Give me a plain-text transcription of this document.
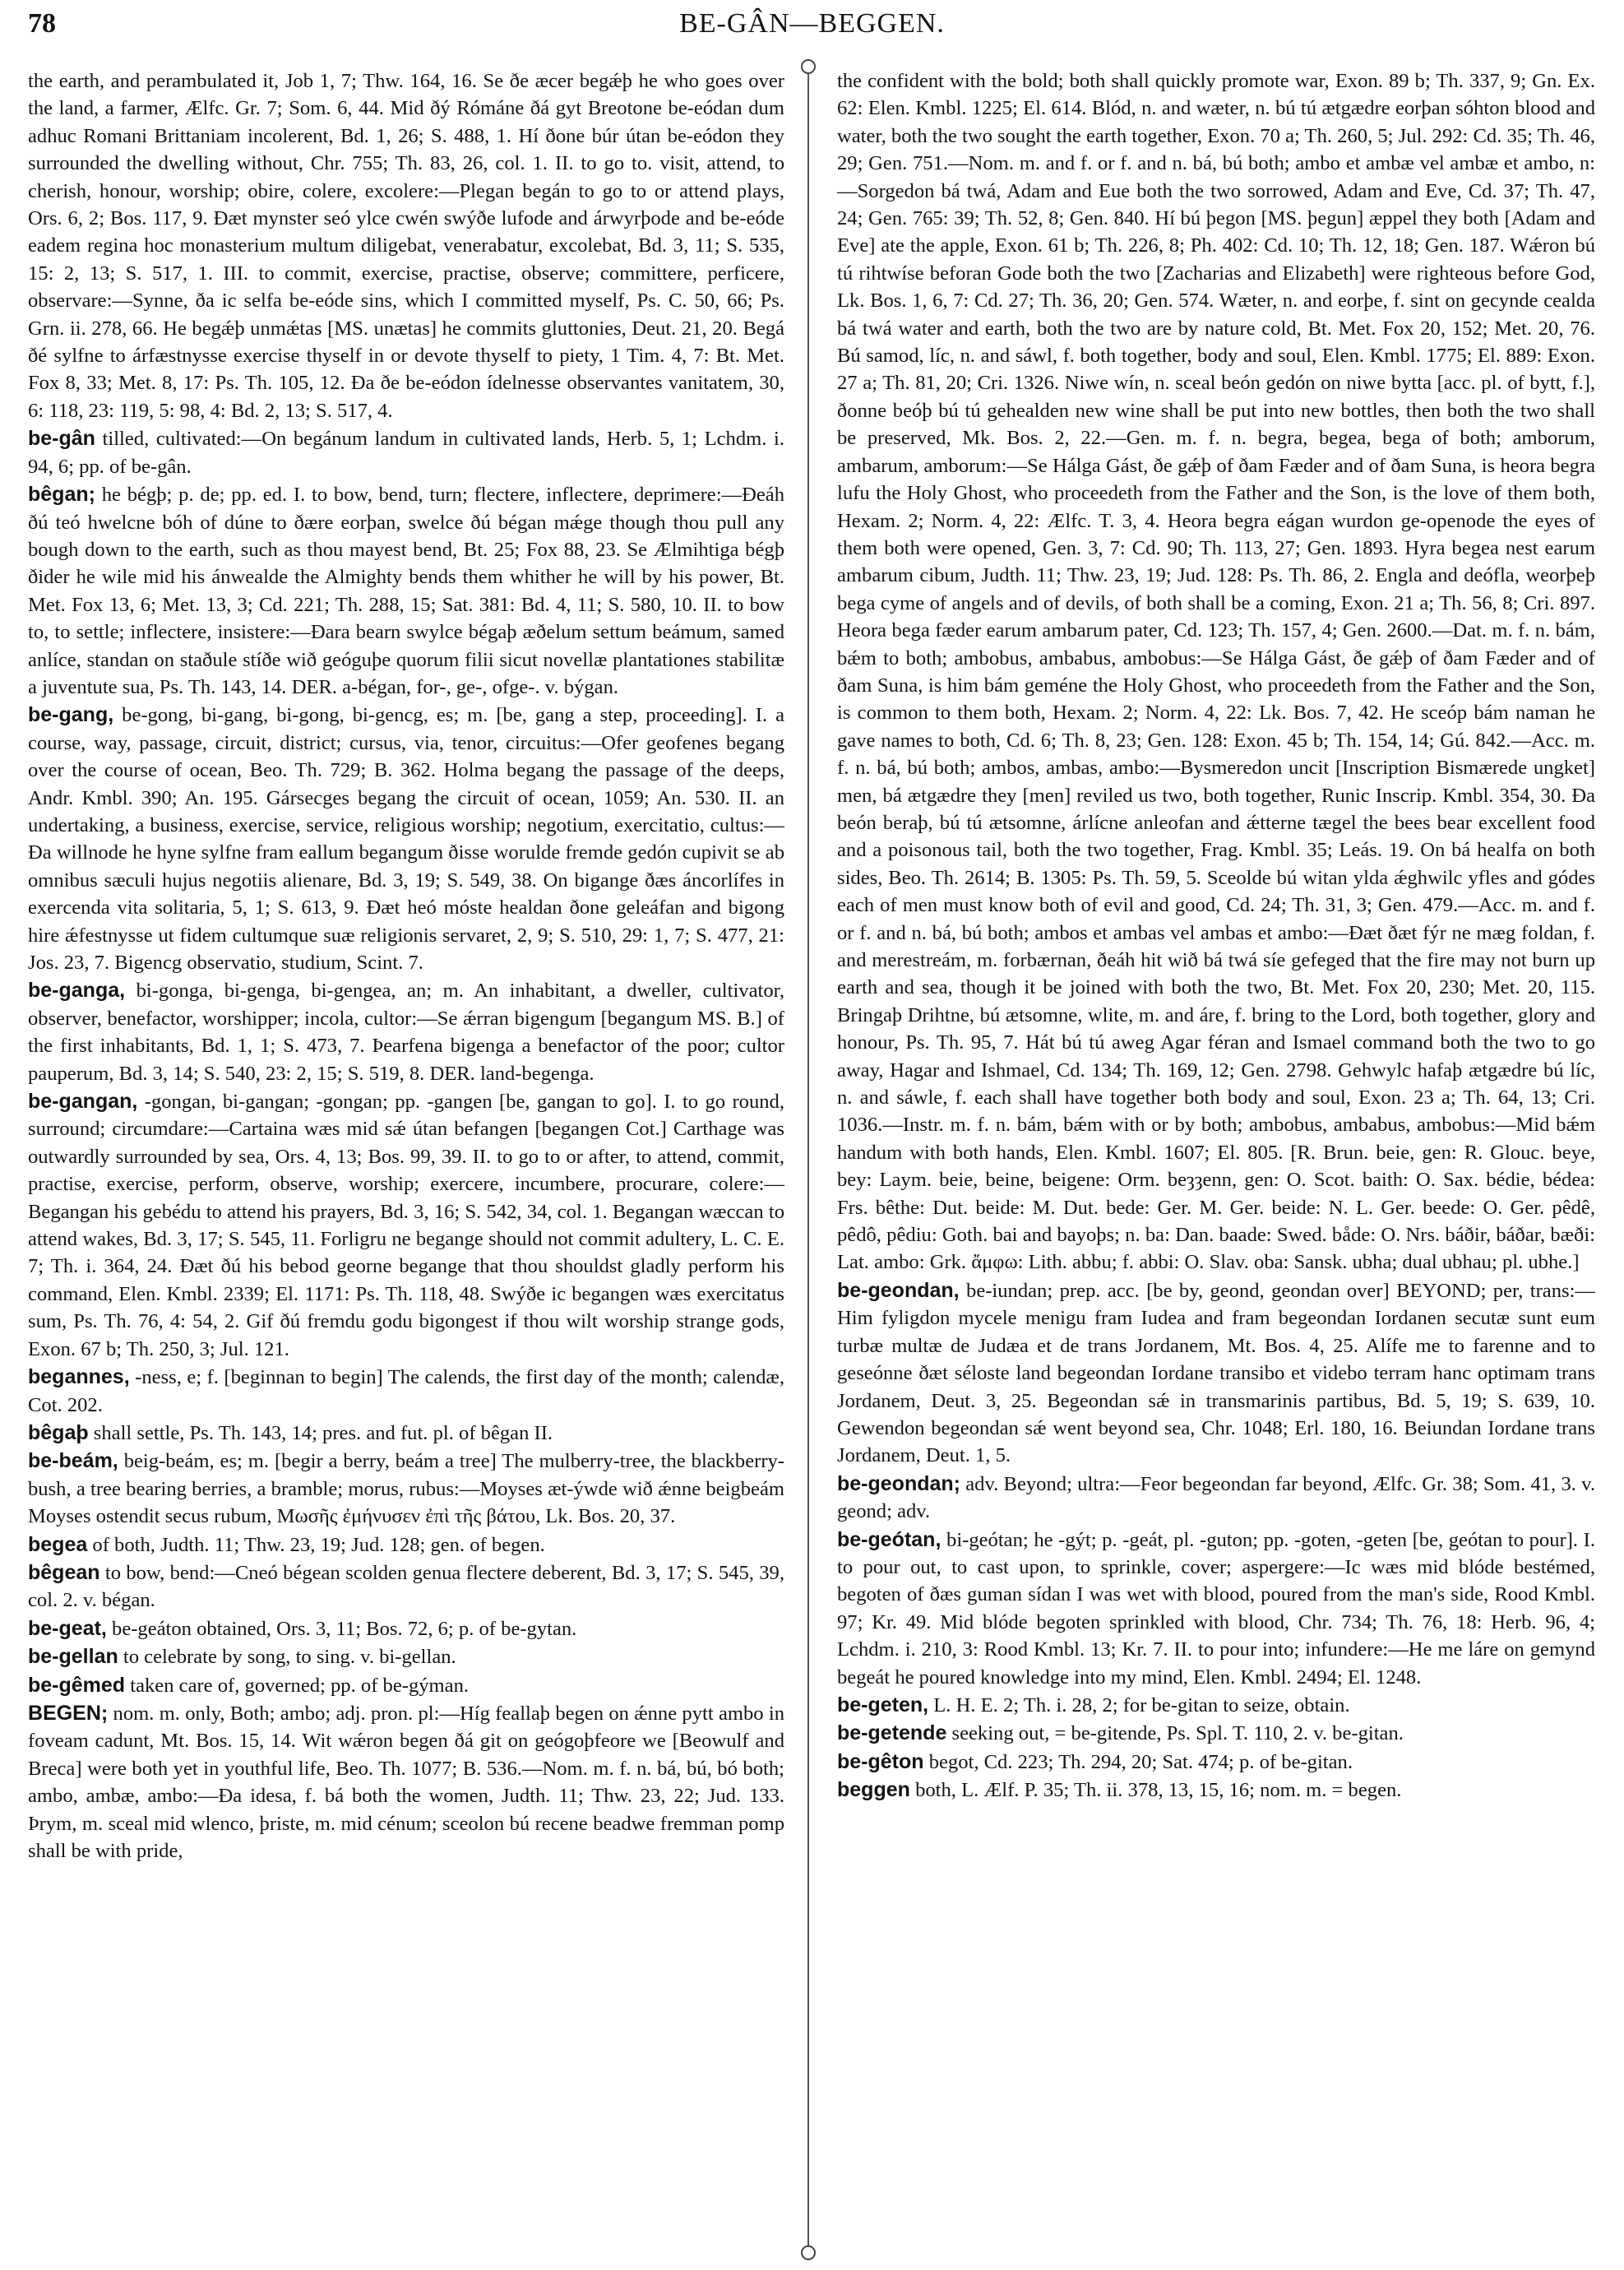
78	BE-GÂN—BEGGEN.

the earth, and perambulated it, Job 1, 7; Thw. 164, 16. Se ðe æcer begǽþ he who goes over the land, a farmer, Ælfc. Gr. 7; Som. 6, 44. Mid ðý Rómáne ðá gyt Breotone be-eódan dum adhuc Romani Brittaniam incolerent, Bd. 1, 26; S. 488, 1. Hí ðone búr útan be-eódon they surrounded the dwelling without, Chr. 755; Th. 83, 26, col. 1. II. to go to. visit, attend, to cherish, honour, worship; obire, colere, excolere:—Plegan begán to go to or attend plays, Ors. 6, 2; Bos. 117, 9. Ðæt mynster seó ylce cwén swýðe lufode and árwyrþode and be-eóde eadem regina hoc monasterium multum diligebat, venerabatur, excolebat, Bd. 3, 11; S. 535, 15: 2, 13; S. 517, 1. III. to commit, exercise, practise, observe; committere, perficere, observare:—Synne, ða ic selfa be-eóde sins, which I committed myself, Ps. C. 50, 66; Ps. Grn. ii. 278, 66. He begǽþ unmǽtas [MS. unætas] he commits gluttonies, Deut. 21, 20. Begá ðé sylfne to árfæstnysse exercise thyself in or devote thyself to piety, 1 Tim. 4, 7: Bt. Met. Fox 8, 33; Met. 8, 17: Ps. Th. 105, 12. Ða ðe be-eódon ídelnesse observantes vanitatem, 30, 6: 118, 23: 119, 5: 98, 4: Bd. 2, 13; S. 517, 4.

be-gân tilled, cultivated:—On begánum landum in cultivated lands, Herb. 5, 1; Lchdm. i. 94, 6; pp. of be-gân.

bêgan; he bégþ; p. de; pp. ed. I. to bow, bend, turn; flectere, inflectere, deprimere:—Ðeáh ðú teó hwelcne bóh of dúne to ðære eorþan, swelce ðú bégan mǽge though thou pull any bough down to the earth, such as thou mayest bend, Bt. 25; Fox 88, 23. Se Ælmihtiga bégþ ðider he wile mid his ánwealde the Almighty bends them whither he will by his power, Bt. Met. Fox 13, 6; Met. 13, 3; Cd. 221; Th. 288, 15; Sat. 381: Bd. 4, 11; S. 580, 10. II. to bow to, to settle; inflectere, insistere:—Ðara bearn swylce bégaþ æðelum settum beámum, samed anlíce, standan on staðule stíðe wið geóguþe quorum filii sicut novellæ plantationes stabilitæ a juventute sua, Ps. Th. 143, 14. DER. a-bégan, for-, ge-, ofge-. v. býgan.

be-gang, be-gong, bi-gang, bi-gong, bi-gencg, es; m. [be, gang a step, proceeding]. I. a course, way, passage, circuit, district; cursus, via, tenor, circuitus:—Ofer geofenes begang over the course of ocean, Beo. Th. 729; B. 362. Holma begang the passage of the deeps, Andr. Kmbl. 390; An. 195. Gársecges begang the circuit of ocean, 1059; An. 530. II. an undertaking, a business, exercise, service, religious worship; negotium, exercitatio, cultus:—Ða willnode he hyne sylfne fram eallum begangum ðisse worulde fremde gedón cupivit se ab omnibus sæculi hujus negotiis alienare, Bd. 3, 19; S. 549, 38. On bigange ðæs áncorlífes in exercenda vita solitaria, 5, 1; S. 613, 9. Ðæt heó móste healdan ðone geleáfan and bigong hire ǽfestnysse ut fidem cultumque suæ religionis servaret, 2, 9; S. 510, 29: 1, 7; S. 477, 21: Jos. 23, 7. Bigencg observatio, studium, Scint. 7.

be-ganga, bi-gonga, bi-genga, bi-gengea, an; m. An inhabitant, a dweller, cultivator, observer, benefactor, worshipper; incola, cultor:—Se ǽrran bigengum [begangum MS. B.] of the first inhabitants, Bd. 1, 1; S. 473, 7. Þearfena bigenga a benefactor of the poor; cultor pauperum, Bd. 3, 14; S. 540, 23: 2, 15; S. 519, 8. DER. land-begenga.

be-gangan, -gongan, bi-gangan; -gongan; pp. -gangen [be, gangan to go]. I. to go round, surround; circumdare:—Cartaina wæs mid sǽ útan befangen [begangen Cot.] Carthage was outwardly surrounded by sea, Ors. 4, 13; Bos. 99, 39. II. to go to or after, to attend, commit, practise, exercise, perform, observe, worship; exercere, incumbere, procurare, colere:—Begangan his gebédu to attend his prayers, Bd. 3, 16; S. 542, 34, col. 1. Begangan wæccan to attend wakes, Bd. 3, 17; S. 545, 11. Forligru ne begange should not commit adultery, L. C. E. 7; Th. i. 364, 24. Ðæt ðú his bebod georne begange that thou shouldst gladly perform his command, Elen. Kmbl. 2339; El. 1171: Ps. Th. 118, 48. Swýðe ic begangen wæs exercitatus sum, Ps. Th. 76, 4: 54, 2. Gif ðú fremdu godu bigongest if thou wilt worship strange gods, Exon. 67 b; Th. 250, 3; Jul. 121.

begannes, -ness, e; f. [beginnan to begin] The calends, the first day of the month; calendæ, Cot. 202.

bêgaþ shall settle, Ps. Th. 143, 14; pres. and fut. pl. of bêgan II.

be-beám, beig-beám, es; m. [begir a berry, beám a tree] The mulberry-tree, the blackberry-bush, a tree bearing berries, a bramble; morus, rubus:—Moyses æt-ýwde wið ǽnne beigbeám Moyses ostendit secus rubum, Μωσῆς ἐμήνυσεν ἐπὶ τῆς βάτου, Lk. Bos. 20, 37.

begea of both, Judth. 11; Thw. 23, 19; Jud. 128; gen. of begen.

bêgean to bow, bend:—Cneó bégean scolden genua flectere deberent, Bd. 3, 17; S. 545, 39, col. 2. v. bégan.

be-geat, be-geáton obtained, Ors. 3, 11; Bos. 72, 6; p. of be-gytan.

be-gellan to celebrate by song, to sing. v. bi-gellan.

be-gêmed taken care of, governed; pp. of be-gýman.

BEGEN; nom. m. only, Both; ambo; adj. pron. pl:—Híg feallaþ begen on ǽnne pytt ambo in foveam cadunt, Mt. Bos. 15, 14. Wit wǽron begen ðá git on geógoþfeore we [Beowulf and Breca] were both yet in youthful life, Beo. Th. 1077; B. 536.—Nom. m. f. n. bá, bú, bó both; ambo, ambæ, ambo:—Ða idesa, f. bá both the women, Judth. 11; Thw. 23, 22; Jud. 133. Þrym, m. sceal mid wlenco, þriste, m. mid cénum; sceolon bú recene beadwe fremman pomp shall be with pride,

the confident with the bold; both shall quickly promote war, Exon. 89 b; Th. 337, 9; Gn. Ex. 62: Elen. Kmbl. 1225; El. 614. Blód, n. and wæter, n. bú tú ætgædre eorþan sóhton blood and water, both the two sought the earth together, Exon. 70 a; Th. 260, 5; Jul. 292: Cd. 35; Th. 46, 29; Gen. 751.—Nom. m. and f. or f. and n. bá, bú both; ambo et ambæ vel ambæ et ambo, n:—Sorgedon bá twá, Adam and Eue both the two sorrowed, Adam and Eve, Cd. 37; Th. 47, 24; Gen. 765: 39; Th. 52, 8; Gen. 840. Hí bú þegon [MS. þegun] æppel they both [Adam and Eve] ate the apple, Exon. 61 b; Th. 226, 8; Ph. 402: Cd. 10; Th. 12, 18; Gen. 187. Wǽron bú tú rihtwíse beforan Gode both the two [Zacharias and Elizabeth] were righteous before God, Lk. Bos. 1, 6, 7: Cd. 27; Th. 36, 20; Gen. 574. Wæter, n. and eorþe, f. sint on gecynde cealda bá twá water and earth, both the two are by nature cold, Bt. Met. Fox 20, 152; Met. 20, 76. Bú samod, líc, n. and sáwl, f. both together, body and soul, Elen. Kmbl. 1775; El. 889: Exon. 27 a; Th. 81, 20; Cri. 1326. Niwe wín, n. sceal beón gedón on niwe bytta [acc. pl. of bytt, f.], ðonne beóþ bú tú gehealden new wine shall be put into new bottles, then both the two shall be preserved, Mk. Bos. 2, 22.—Gen. m. f. n. begra, begea, bega of both; amborum, ambarum, amborum:—Se Hálga Gást, ðe gǽþ of ðam Fæder and of ðam Suna, is heora begra lufu the Holy Ghost, who proceedeth from the Father and the Son, is the love of them both, Hexam. 2; Norm. 4, 22: Ælfc. T. 3, 4. Heora begra eágan wurdon ge-openode the eyes of them both were opened, Gen. 3, 7: Cd. 90; Th. 113, 27; Gen. 1893. Hyra begea nest earum ambarum cibum, Judth. 11; Thw. 23, 19; Jud. 128: Ps. Th. 86, 2. Engla and deófla, weorþeþ bega cyme of angels and of devils, of both shall be a coming, Exon. 21 a; Th. 56, 8; Cri. 897. Heora bega fæder earum ambarum pater, Cd. 123; Th. 157, 4; Gen. 2600.—Dat. m. f. n. bám, bǽm to both; ambobus, ambabus, ambobus:—Se Hálga Gást, ðe gǽþ of ðam Fæder and of ðam Suna, is him bám geméne the Holy Ghost, who proceedeth from the Father and the Son, is common to them both, Hexam. 2; Norm. 4, 22: Lk. Bos. 7, 42. He sceóp bám naman he gave names to both, Cd. 6; Th. 8, 23; Gen. 128: Exon. 45 b; Th. 154, 14; Gú. 842.—Acc. m. f. n. bá, bú both; ambos, ambas, ambo:—Bysmeredon uncit [Inscription Bismærede ungket] men, bá ætgædre they [men] reviled us two, both together, Runic Inscrip. Kmbl. 354, 30. Ða beón beraþ, bú tú ætsomne, árlícne anleofan and ǽtterne tægel the bees bear excellent food and a poisonous tail, both the two together, Frag. Kmbl. 35; Leás. 19. On bá healfa on both sides, Beo. Th. 2614; B. 1305: Ps. Th. 59, 5. Sceolde bú witan ylda ǽghwilc yfles and gódes each of men must know both of evil and good, Cd. 24; Th. 31, 3; Gen. 479.—Acc. m. and f. or f. and n. bá, bú both; ambos et ambas vel ambas et ambo:—Ðæt ðæt fýr ne mæg foldan, f. and merestreám, m. forbærnan, ðeáh hit wið bá twá síe gefeged that the fire may not burn up earth and sea, though it be joined with both the two, Bt. Met. Fox 20, 230; Met. 20, 115. Bringaþ Drihtne, bú ætsomne, wlite, m. and áre, f. bring to the Lord, both together, glory and honour, Ps. Th. 95, 7. Hát bú tú aweg Agar féran and Ismael command both the two to go away, Hagar and Ishmael, Cd. 134; Th. 169, 12; Gen. 2798. Gehwylc hafaþ ætgædre bú líc, n. and sáwle, f. each shall have together both body and soul, Exon. 23 a; Th. 64, 13; Cri. 1036.—Instr. m. f. n. bám, bǽm with or by both; ambobus, ambabus, ambobus:—Mid bǽm handum with both hands, Elen. Kmbl. 1607; El. 805. [R. Brun. beie, gen: R. Glouc. beye, bey: Laym. beie, beine, beigene: Orm. beȝȝenn, gen: O. Scot. baith: O. Sax. bédie, bédea: Frs. bêthe: Dut. beide: M. Dut. bede: Ger. M. Ger. beide: N. L. Ger. beede: O. Ger. pêdê, pêdô, pêdiu: Goth. bai and bayoþs; n. ba: Dan. baade: Swed. både: O. Nrs. báðir, báðar, bæði: Lat. ambo: Grk. ἄμφω: Lith. abbu; f. abbi: O. Slav. oba: Sansk. ubha; dual ubhau; pl. ubhe.]

be-geondan, be-iundan; prep. acc. [be by, geond, geondan over] BEYOND; per, trans:—Him fyligdon mycele menigu fram Iudea and fram begeondan Iordanen secutæ sunt eum turbæ multæ de Judæa et de trans Jordanem, Mt. Bos. 4, 25. Alífe me to farenne and to geseónne ðæt sélostе land begeondan Iordane transibo et videbo terram hanc optimam trans Jordanem, Deut. 3, 25. Begeondan sǽ in transmarinis partibus, Bd. 5, 19; S. 639, 10. Gewendon begeondan sǽ went beyond sea, Chr. 1048; Erl. 180, 16. Beiundan Iordane trans Jordanem, Deut. 1, 5.

be-geondan; adv. Beyond; ultra:—Feor begeondan far beyond, Ælfc. Gr. 38; Som. 41, 3. v. geond; adv.

be-geótan, bi-geótan; he -gýt; p. -geát, pl. -guton; pp. -goten, -geten [be, geótan to pour]. I. to pour out, to cast upon, to sprinkle, cover; aspergere:—Ic wæs mid blóde bestémed, begoten of ðæs guman sídan I was wet with blood, poured from the man's side, Rood Kmbl. 97; Kr. 49. Mid blóde begoten sprinkled with blood, Chr. 734; Th. 76, 18: Herb. 96, 4; Lchdm. i. 210, 3: Rood Kmbl. 13; Kr. 7. II. to pour into; infundere:—He me láre on gemynd begeát he poured knowledge into my mind, Elen. Kmbl. 2494; El. 1248.

be-geten, L. H. E. 2; Th. i. 28, 2; for be-gitan to seize, obtain.

be-getende seeking out, = be-gitende, Ps. Spl. T. 110, 2. v. be-gitan.

be-gêton begot, Cd. 223; Th. 294, 20; Sat. 474; p. of be-gitan.

beggen both, L. Ælf. P. 35; Th. ii. 378, 13, 15, 16; nom. m. = begen.
